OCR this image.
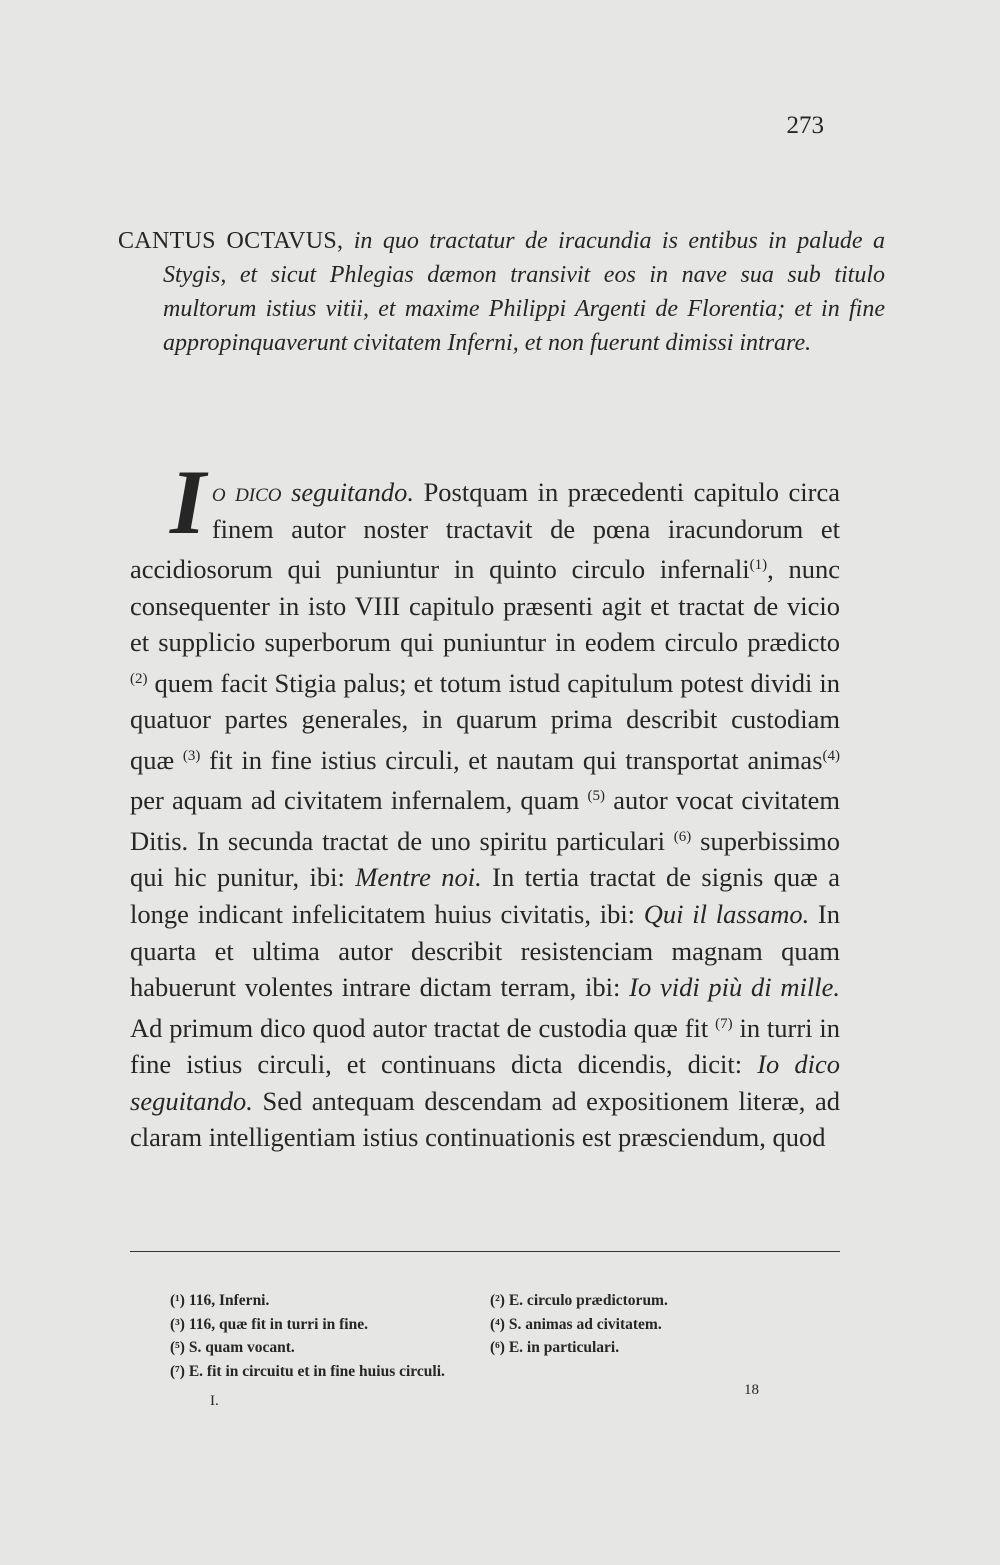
273
CANTUS OCTAVUS, in quo tractatur de iracundia is entibus in palude a Stygis, et sicut Phlegias dæmon transivit eos in nave sua sub titulo multorum istius vitii, et maxime Philippi Argenti de Florentia; et in fine appropinquaverunt civitatem Inferni, et non fuerunt dimissi intrare.
Io dico seguitando. Postquam in præcedenti capitulo circa finem autor noster tractavit de pœna iracundorum et accidiosorum qui puniuntur in quinto circulo infernali$^{(1)}$, nunc consequenter in isto VIII capitulo præsenti agit et tractat de vicio et supplicio superborum qui puniuntur in eodem circulo prædicto $^{(2)}$ quem facit Stigia palus; et totum istud capitulum potest dividi in quatuor partes generales, in quarum prima describit custodiam quæ $^{(3)}$ fit in fine istius circuli, et nautam qui transportat animas$^{(4)}$ per aquam ad civitatem infernalem, quam $^{(5)}$ autor vocat civitatem Ditis. In secunda tractat de uno spiritu particulari $^{(6)}$ superbissimo qui hic punitur, ibi: Mentre noi. In tertia tractat de signis quæ a longe indicant infelicitatem huius civitatis, ibi: Qui il lassamo. In quarta et ultima autor describit resistenciam magnam quam habuerunt volentes intrare dictam terram, ibi: Io vidi più di mille. Ad primum dico quod autor tractat de custodia quæ fit $^{(7)}$ in turri in fine istius circuli, et continuans dicta dicendis, dicit: Io dico seguitando. Sed antequam descendam ad expositionem literæ, ad claram intelligentiam istius continuationis est præsciendum, quod
(¹) 116, Inferni.	(²) E. circulo prædictorum.
(³) 116, quæ fit in turri in fine.	(⁴) S. animas ad civitatem.
(⁵) S. quam vocant.	(⁶) E. in particulari.
(⁷) E. fit in circuitu et in fine huius circuli.
I.
18
